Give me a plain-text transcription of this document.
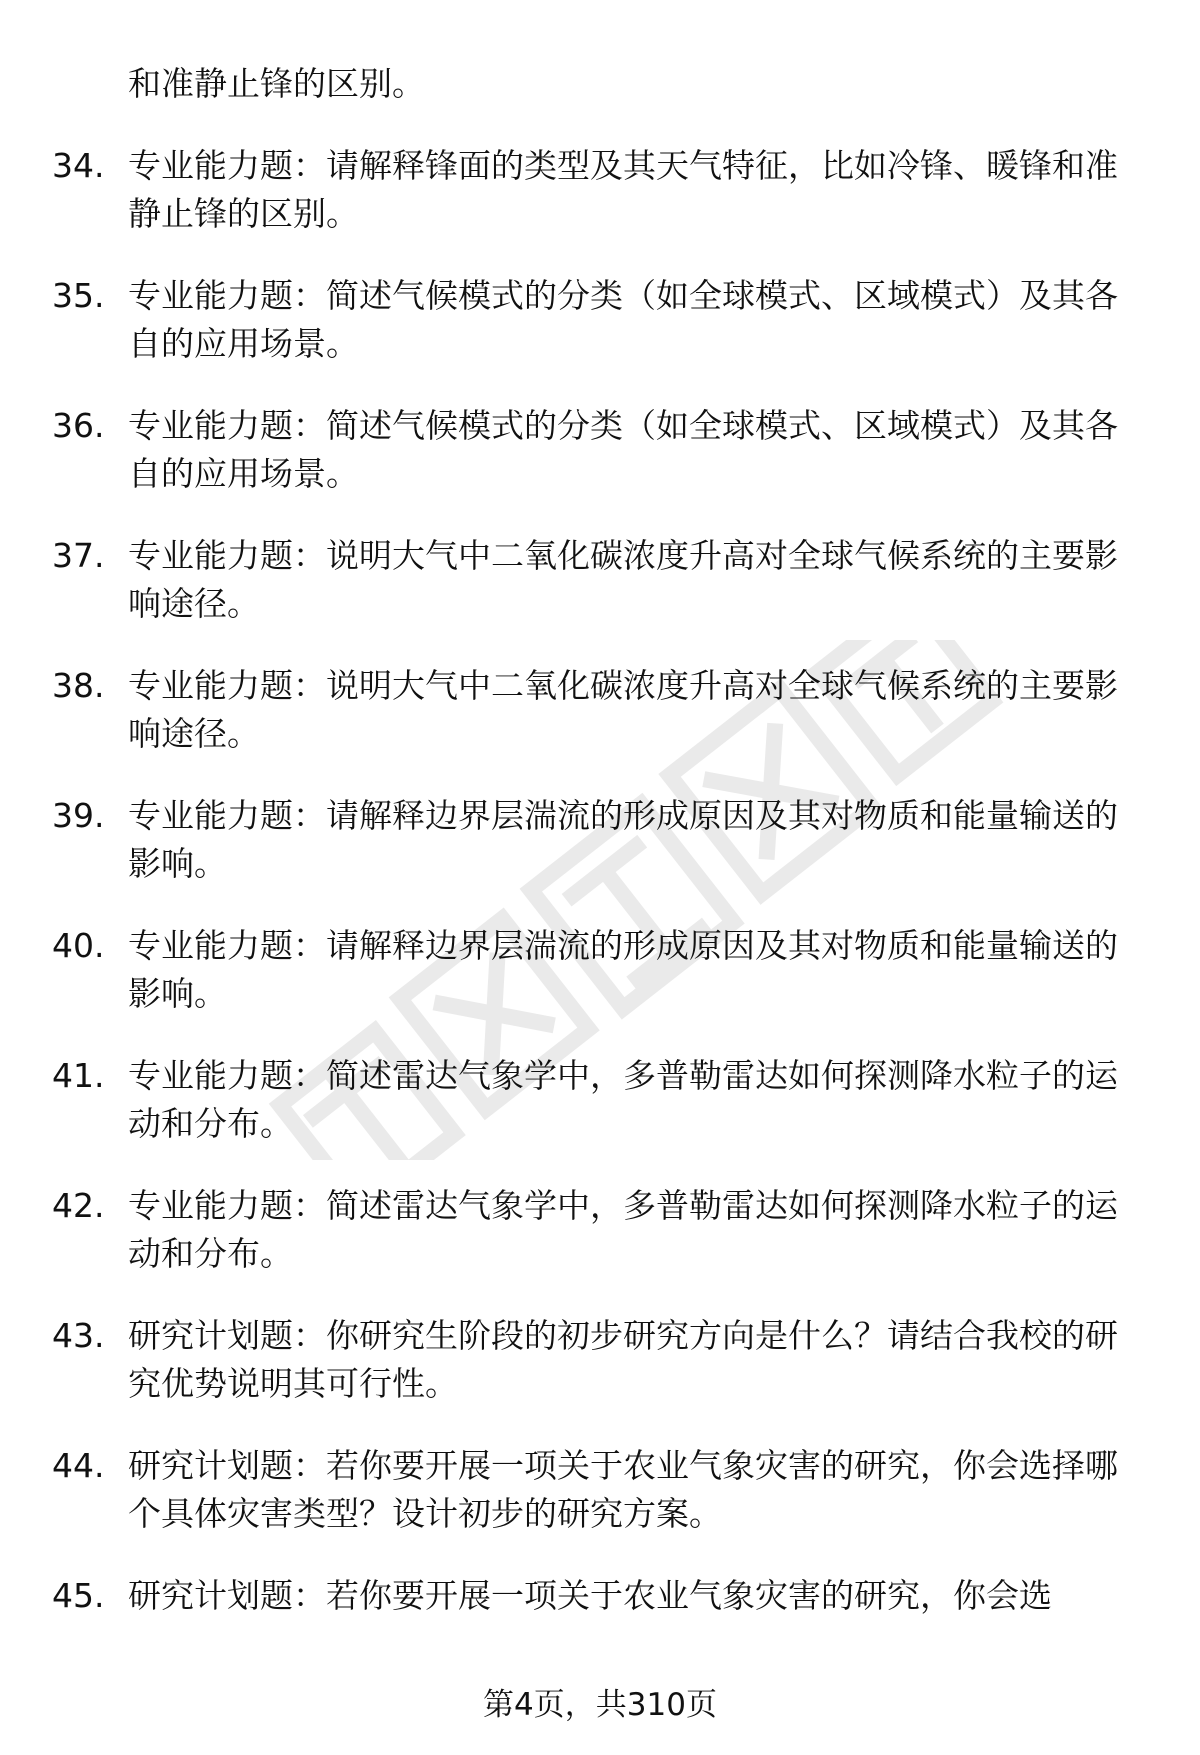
和准静止锋的区别。
34. 专业能力题：请解释锋面的类型及其天气特征，比如冷锋、暖锋和准静止锋的区别。
35. 专业能力题：简述气候模式的分类（如全球模式、区域模式）及其各自的应用场景。
36. 专业能力题：简述气候模式的分类（如全球模式、区域模式）及其各自的应用场景。
37. 专业能力题：说明大气中二氧化碳浓度升高对全球气候系统的主要影响途径。
38. 专业能力题：说明大气中二氧化碳浓度升高对全球气候系统的主要影响途径。
39. 专业能力题：请解释边界层湍流的形成原因及其对物质和能量输送的影响。
40. 专业能力题：请解释边界层湍流的形成原因及其对物质和能量输送的影响。
41. 专业能力题：简述雷达气象学中，多普勒雷达如何探测降水粒子的运动和分布。
42. 专业能力题：简述雷达气象学中，多普勒雷达如何探测降水粒子的运动和分布。
43. 研究计划题：你研究生阶段的初步研究方向是什么？请结合我校的研究优势说明其可行性。
44. 研究计划题：若你要开展一项关于农业气象灾害的研究，你会选择哪个具体灾害类型？设计初步的研究方案。
45. 研究计划题：若你要开展一项关于农业气象灾害的研究，你会选
第4页，共310页
